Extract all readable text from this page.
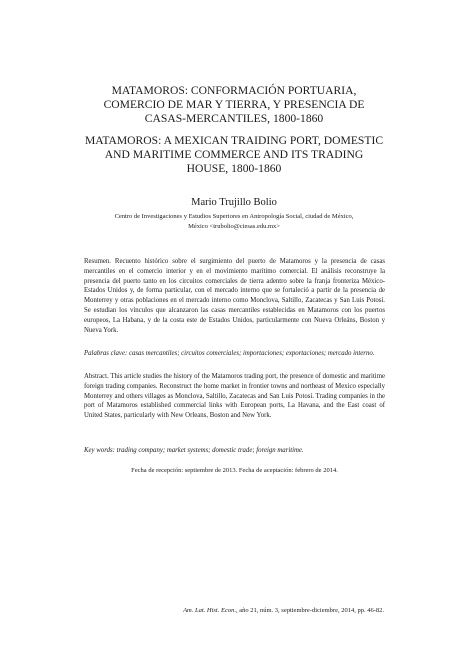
MATAMOROS: CONFORMACIÓN PORTUARIA, COMERCIO DE MAR Y TIERRA, Y PRESENCIA DE CASAS-MERCANTILES, 1800-1860
MATAMOROS: A MEXICAN TRAIDING PORT, DOMESTIC AND MARITIME COMMERCE AND ITS TRADING HOUSE, 1800-1860
Mario Trujillo Bolio
Centro de Investigaciones y Estudios Superiores en Antropología Social, ciudad de México,
México <trubolio@ciesas.edu.mx>

Resumen. Recuento histórico sobre el surgimiento del puerto de Matamoros y la presencia de casas mercantiles en el comercio interior y en el movimiento marítimo comercial. El análisis reconstruye la presencia del puerto tanto en los circuitos comerciales de tierra adentro sobre la franja fronteriza México-Estados Unidos y, de forma particular, con el mercado interno que se fortaleció a partir de la presencia de Monterrey y otras poblaciones en el mercado interno como Monclova, Saltillo, Zacatecas y San Luis Potosí. Se estudian los vínculos que alcanzaron las casas mercantiles establecidas en Matamoros con los puertos europeos, La Habana, y de la costa este de Estados Unidos, particularmente con Nueva Orleáns, Boston y Nueva York.

Palabras clave: casas mercantiles; circuitos comerciales; importaciones; exportaciones; mercado interno.

Abstract. This article studies the history of the Matamoros trading port, the presence of domestic and maritime foreign trading companies. Reconstruct the home market in frontier towns and northeast of Mexico especially Monterrey and others villages as Monclova, Saltillo, Zacatecas and San Luis Potosí. Trading companies in the port of Matamoros established commercial links with European ports, La Havana, and the East coast of United States, particularly with New Orleans, Boston and New York.

Key words: trading company; market systems; domestic trade; foreign maritime.

Fecha de recepción: septiembre de 2013. Fecha de aceptación: febrero de 2014.
Am. Lat. Hist. Econ., año 21, núm. 3, septiembre-diciembre, 2014, pp. 46-82.
